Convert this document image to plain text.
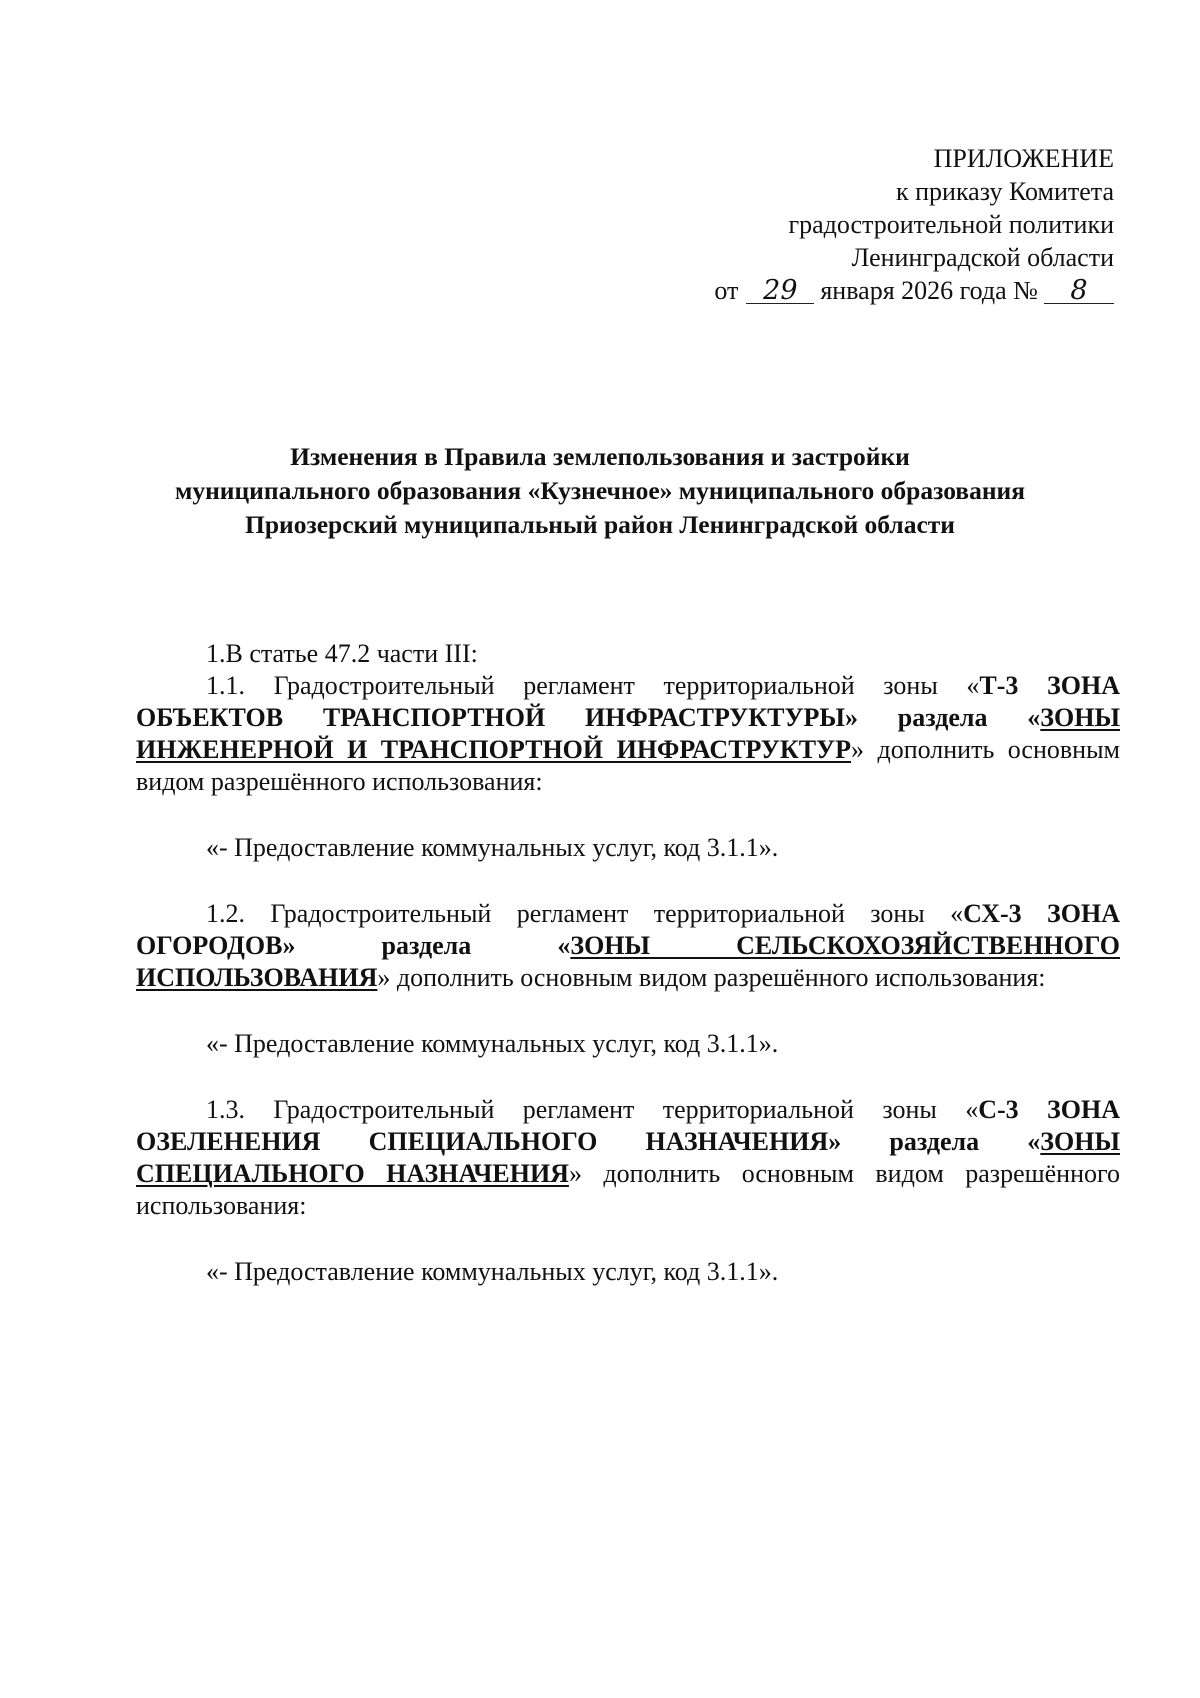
ПРИЛОЖЕНИЕ
к приказу Комитета
градостроительной политики
Ленинградской области
от 29 января 2026 года № 8
Изменения в Правила землепользования и застройки
муниципального образования «Кузнечное» муниципального образования
Приозерский муниципальный район Ленинградской области

1.В статье 47.2 части III:

1.1. Градостроительный регламент территориальной зоны «Т-3 ЗОНА ОБЪЕКТОВ ТРАНСПОРТНОЙ ИНФРАСТРУКТУРЫ» раздела «ЗОНЫ ИНЖЕНЕРНОЙ И ТРАНСПОРТНОЙ ИНФРАСТРУКТУР» дополнить основным видом разрешённого использования:

«- Предоставление коммунальных услуг, код 3.1.1».

1.2. Градостроительный регламент территориальной зоны «СХ-3 ЗОНА ОГОРОДОВ» раздела «ЗОНЫ СЕЛЬСКОХОЗЯЙСТВЕННОГО ИСПОЛЬЗОВАНИЯ» дополнить основным видом разрешённого использования:

«- Предоставление коммунальных услуг, код 3.1.1».

1.3. Градостроительный регламент территориальной зоны «С-3 ЗОНА ОЗЕЛЕНЕНИЯ СПЕЦИАЛЬНОГО НАЗНАЧЕНИЯ» раздела «ЗОНЫ СПЕЦИАЛЬНОГО НАЗНАЧЕНИЯ» дополнить основным видом разрешённого использования:

«- Предоставление коммунальных услуг, код 3.1.1».
